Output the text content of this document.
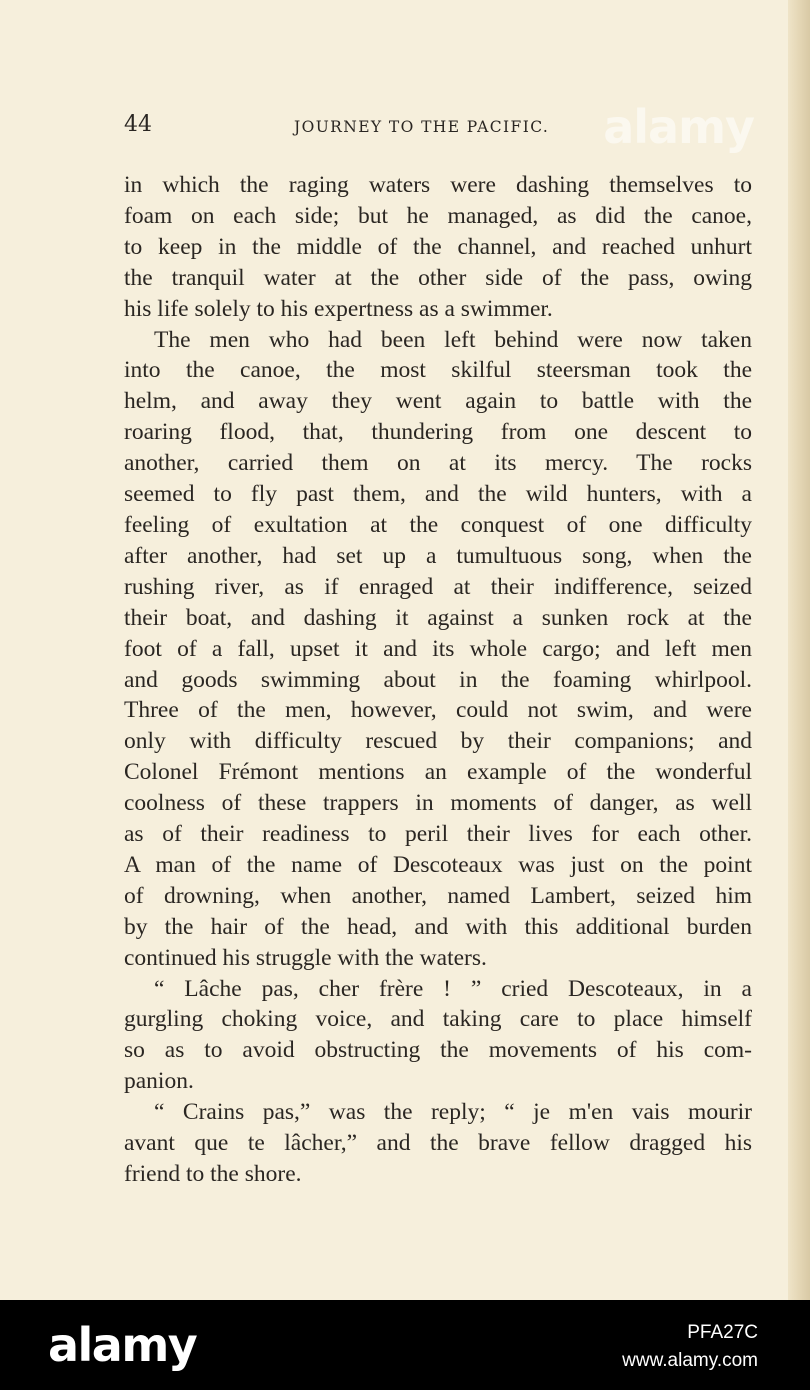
44	JOURNEY TO THE PACIFIC. alamy
in which the raging waters were dashing themselves to
foam on each side; but he managed, as did the canoe,
to keep in the middle of the channel, and reached unhurt
the tranquil water at the other side of the pass, owing
his life solely to his expertness as a swimmer.
The men who had been left behind were now taken
into the canoe, the most skilful steersman took the
helm, and away they went again to battle with the
roaring flood, that, thundering from one descent to
another, carried them on at its mercy. The rocks
seemed to fly past them, and the wild hunters, with a
feeling of exultation at the conquest of one difficulty
after another, had set up a tumultuous song, when the
rushing river, as if enraged at their indifference, seized
their boat, and dashing it against a sunken rock at the
foot of a fall, upset it and its whole cargo; and left men
and goods swimming about in the foaming whirlpool.
Three of the men, however, could not swim, and were
only with difficulty rescued by their companions; and
Colonel Frémont mentions an example of the wonderful
coolness of these trappers in moments of danger, as well
as of their readiness to peril their lives for each other.
A man of the name of Descoteaux was just on the point
of drowning, when another, named Lambert, seized him
by the hair of the head, and with this additional burden
continued his struggle with the waters.
“ Lâche pas, cher frère ! ” cried Descoteaux, in a
gurgling choking voice, and taking care to place himself
so as to avoid obstructing the movements of his com-
panion.
“ Crains pas,” was the reply; “ je m'en vais mourir
avant que te lâcher,” and the brave fellow dragged his
friend to the shore.
alamy	PFA27C
www.alamy.com
